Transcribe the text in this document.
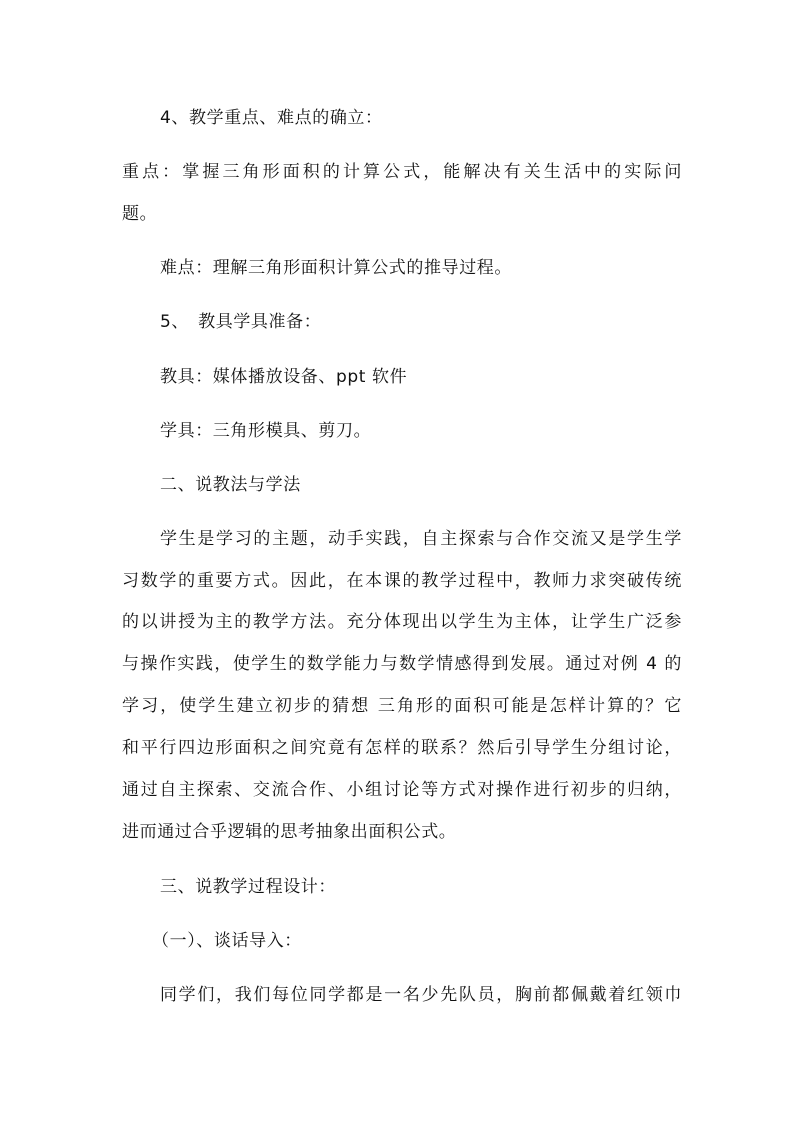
4、教学重点、难点的确立：
重点：掌握三角形面积的计算公式，能解决有关生活中的实际问
题。
难点：理解三角形面积计算公式的推导过程。
5、　教具学具准备：
教具：媒体播放设备、ppt 软件
学具：三角形模具、剪刀。
二、说教法与学法
学生是学习的主题，动手实践，自主探索与合作交流又是学生学
习数学的重要方式。因此，在本课的教学过程中，教师力求突破传统
的以讲授为主的教学方法。充分体现出以学生为主体，让学生广泛参
与操作实践，使学生的数学能力与数学情感得到发展。通过对例 4 的
学习，使学生建立初步的猜想 三角形的面积可能是怎样计算的？它
和平行四边形面积之间究竟有怎样的联系？然后引导学生分组讨论，
通过自主探索、交流合作、小组讨论等方式对操作进行初步的归纳，
进而通过合乎逻辑的思考抽象出面积公式。
三、说教学过程设计：
（一）、谈话导入：
同学们，我们每位同学都是一名少先队员，胸前都佩戴着红领巾
